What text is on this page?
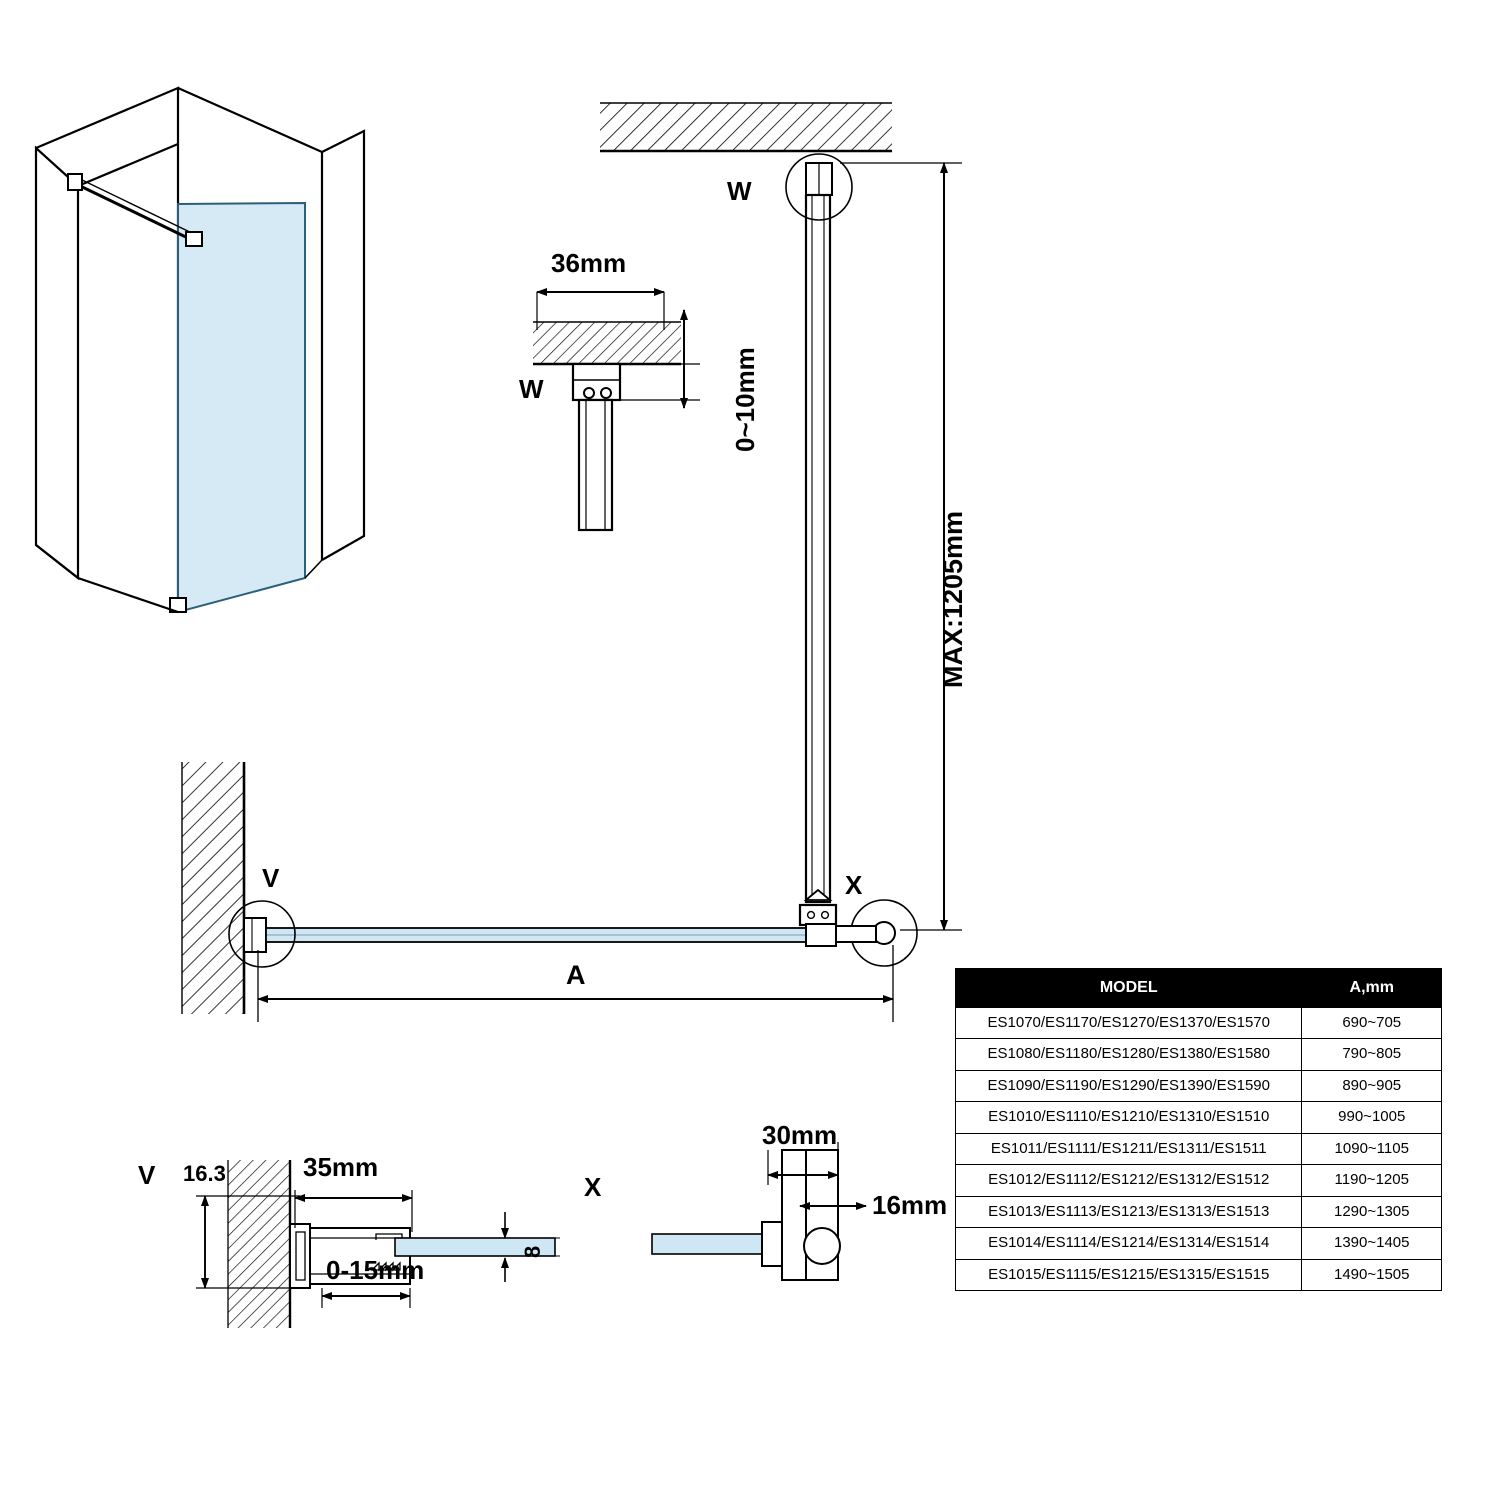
W
W
36mm
0~10mm
MAX:1205mm
V	X
A
V 16.3	35mm
0-15mm
8
X
30mm
16mm
MODEL	A,mm
ES1070/ES1170/ES1270/ES1370/ES1570	690~705
ES1080/ES1180/ES1280/ES1380/ES1580	790~805
ES1090/ES1190/ES1290/ES1390/ES1590	890~905
ES1010/ES1110/ES1210/ES1310/ES1510	990~1005
ES1011/ES1111/ES1211/ES1311/ES1511	1090~1105
ES1012/ES1112/ES1212/ES1312/ES1512	1190~1205
ES1013/ES1113/ES1213/ES1313/ES1513	1290~1305
ES1014/ES1114/ES1214/ES1314/ES1514	1390~1405
ES1015/ES1115/ES1215/ES1315/ES1515	1490~1505
